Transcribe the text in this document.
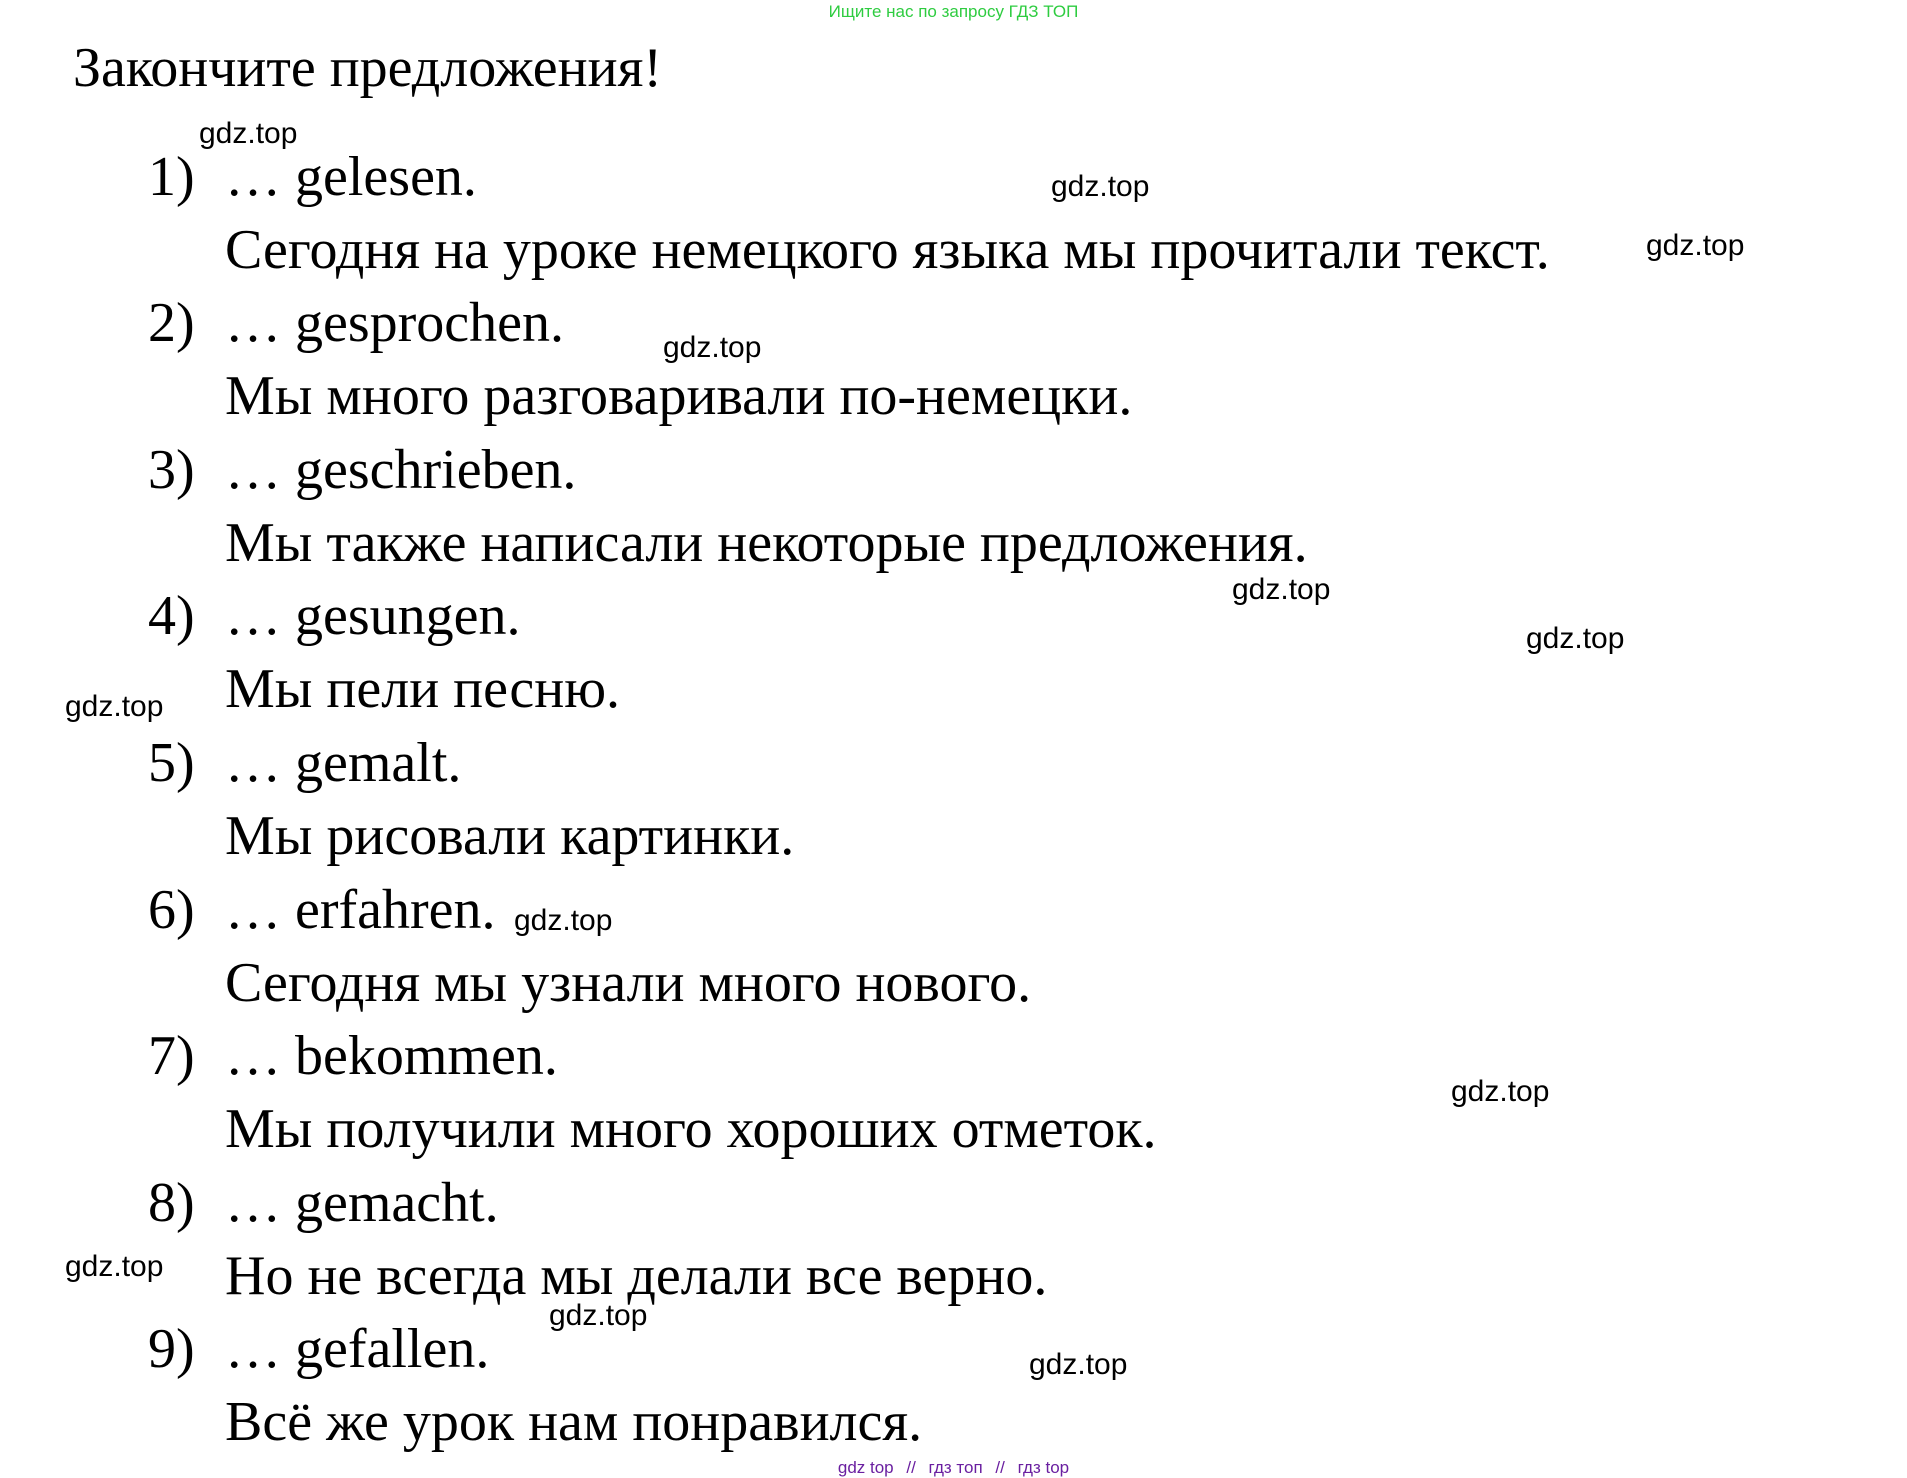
Ищите нас по запросу ГДЗ ТОП
Закончите предложения!
1) … gelesen.
Сегодня на уроке немецкого языка мы прочитали текст.
2) … gesprochen.
Мы много разговаривали по-немецки.
3) … geschrieben.
Мы также написали некоторые предложения.
4) … gesungen.
Мы пели песню.
5) … gemalt.
Мы рисовали картинки.
6) … erfahren.
Сегодня мы узнали много нового.
7) … bekommen.
Мы получили много хороших отметок.
8) … gemacht.
Но не всегда мы делали все верно.
9) … gefallen.
Всё же урок нам понравился.
gdz.top
gdz.top
gdz.top
gdz.top
gdz.top
gdz.top
gdz.top
gdz.top
gdz.top
gdz.top
gdz.top
gdz.top
gdz top // гдз топ // гдз top
